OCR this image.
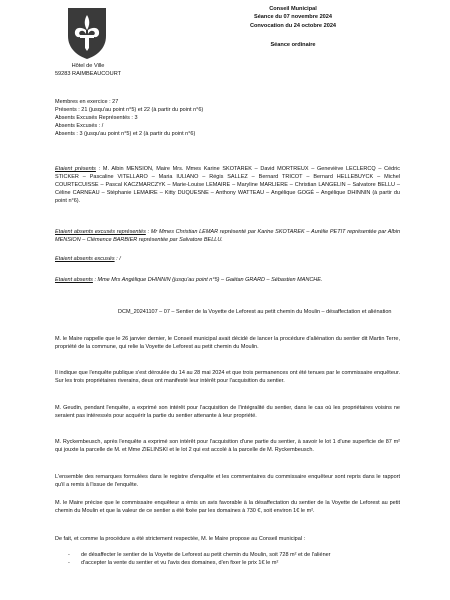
Hôtel de Ville
59283 RAIMBEAUCOURT
Conseil Municipal
Séance du 07 novembre 2024
Convocation du 24 octobre 2024
Séance ordinaire

Membres en exercice : 27

Présents : 21 (jusqu'au point n°5) et 22 (à partir du point n°6)

Absents Excusés Représentés : 3

Absents Excusés : /

Absents : 3 (jusqu'au point n°5) et 2 (à partir du point n°6)

Etaient présents : M. Albin MENSION, Maire Mrs. Mmes Karine SKOTAREK – David MORTREUX – Geneviève LECLERCQ – Cédric STICKER – Pascaline VITELLARO – Maria IULIANO – Régis SALLEZ – Bernard TRICOT – Bernard HELLEBUYCK – Michel COURTECUISSE – Pascal KACZMARCZYK – Marie-Louise LEMAIRE – Maryline MARLIERE – Christian LANGELIN – Salvatore BELLU – Céline CARNEAU – Stéphanie LEMAIRE – Kitty DUQUESNE – Anthony WATTEAU – Angélique GOGÉ – Angélique DHINNIN (à partir du point n°6).
Etaient absents excusés représentés : Mr Mmes Christian LEMAR représenté par Karine SKOTAREK – Aurélie PETIT représentée par Albin MENSION – Clémence BARBIER représentée par Salvatore BELLU.
Etaient absents excusés : /
Etaient absents : Mme Mrs Angélique DHINNIN (jusqu'au point n°5) – Gaëtan GRARD – Sébastien MANCHE.
DCM_20241107 – 07 – Sentier de la Voyette de Leforest au petit chemin du Moulin – désaffectation et aliénation
M. le Maire rappelle que le 26 janvier dernier, le Conseil municipal avait décidé de lancer la procédure d'aliénation du sentier dit Martin Terre, propriété de la commune, qui relie la Voyette de Leforest au petit chemin du Moulin.
Il indique que l'enquête publique s'est déroulée du 14 au 28 mai 2024 et que trois permanences ont été tenues par le commissaire enquêteur. Sur les trois propriétaires riverains, deux ont manifesté leur intérêt pour l'acquisition du sentier.
M. Geudin, pendant l'enquête, a exprimé son intérêt pour l'acquisition de l'intégralité du sentier, dans le cas où les propriétaires voisins ne seraient pas intéressés pour acquérir la partie du sentier attenante à leur propriété.
M. Ryckembeusch, après l'enquête a exprimé son intérêt pour l'acquisition d'une partie du sentier, à savoir le lot 1 d'une superficie de 87 m² qui jouxte la parcelle de M. et Mme ZIELINSKI et le lot 2 qui est accolé à la parcelle de M. Ryckembeusch.
L'ensemble des remarques formulées dans le registre d'enquête et les commentaires du commissaire enquêteur sont repris dans le rapport qu'il a remis à l'issue de l'enquête.
M. le Maire précise que le commissaire enquêteur a émis un avis favorable à la désaffectation du sentier de la Voyette de Leforest au petit chemin du Moulin et que la valeur de ce sentier a été fixée par les domaines à 730 €, soit environ 1€ le m².
De fait, et comme la procédure a été strictement respectée, M. le Maire propose au Conseil municipal :
- de désaffecter le sentier de la Voyette de Leforest au petit chemin du Moulin, soit 728 m² et de l'aliéner
- d'accepter la vente du sentier et vu l'avis des domaines, d'en fixer le prix 1€ le m²
